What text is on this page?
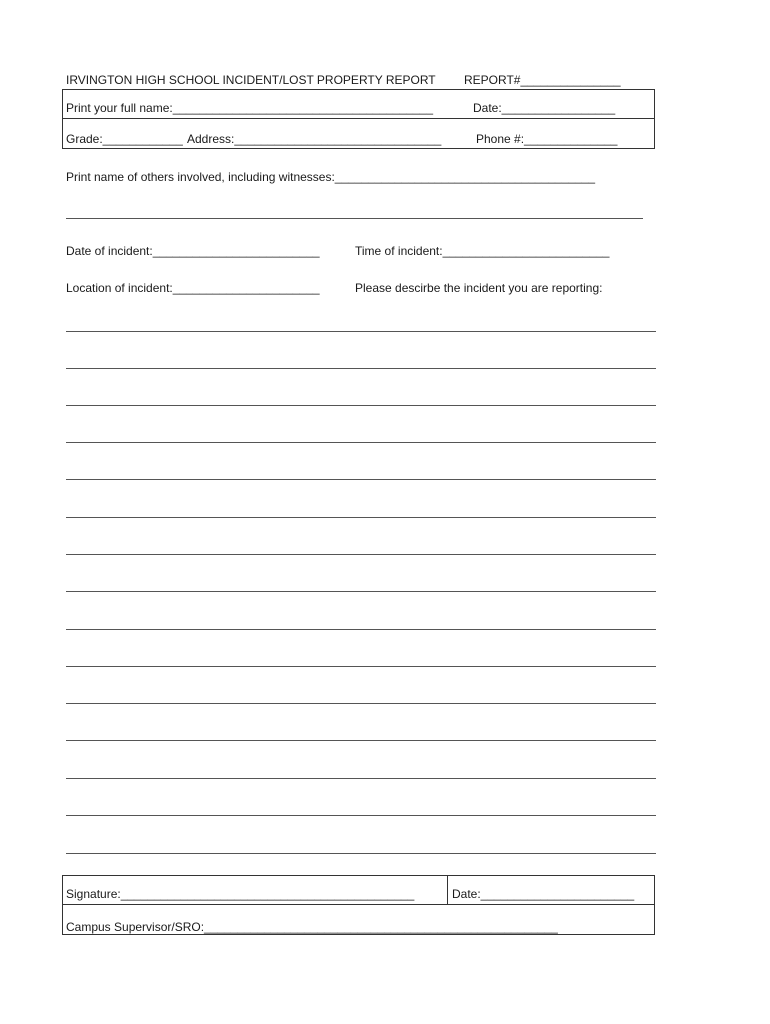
IRVINGTON HIGH SCHOOL INCIDENT/LOST PROPERTY REPORT REPORT#_______________
Print your full name:_______________________________________	Date:_________________
Grade:____________ Address:_______________________________	Phone #:______________
Print name of others involved, including witnesses:_______________________________________
Date of incident:_________________________	Time of incident:_________________________
Location of incident:______________________	Please descirbe the incident you are reporting:
Signature:____________________________________________	Date:_______________________
Campus Supervisor/SRO:_____________________________________________________
